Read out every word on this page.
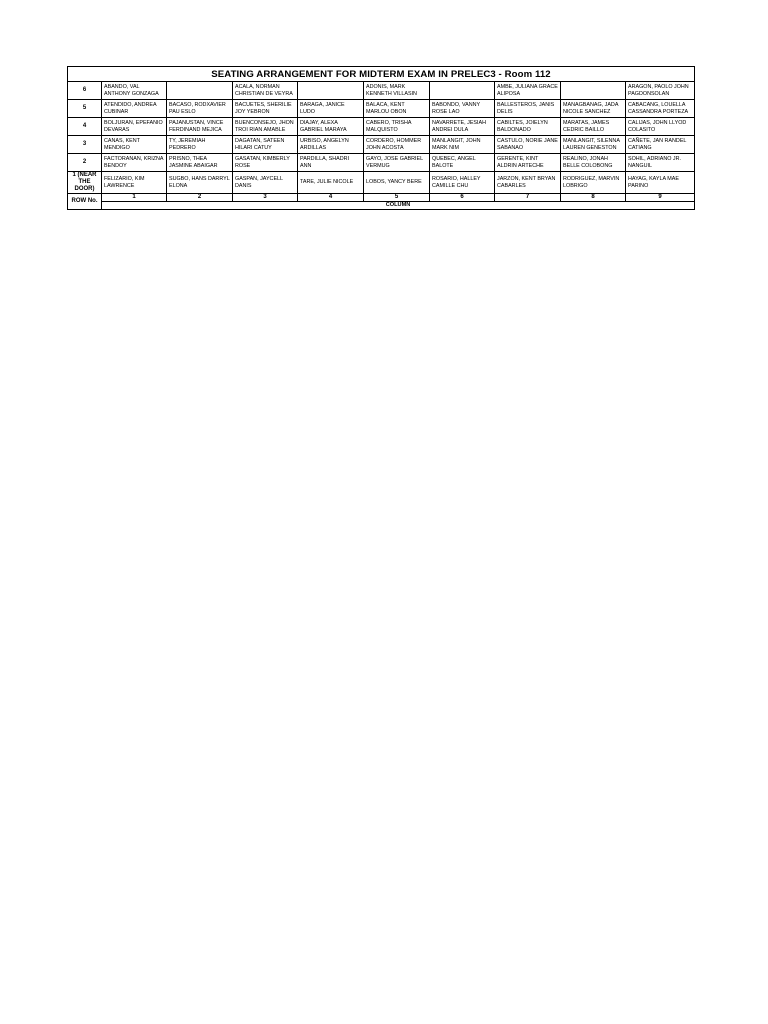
SEATING ARRANGEMENT FOR MIDTERM EXAM IN PRELEC3 - Room 112									
6	ABANDO, VAL ANTHONY GONZAGA		ACALA, NORMAN CHRISTIAN DE VEYRA		ADONIS, MARK KENNETH VILLASIN		AMBE, JULIANA GRACE ALIPOSA		ARAGON, PAOLO JOHN PAGDONSOLAN
5	ATENDIDO, ANDREA CUBINAR	BACASO, RODXAVIER PAU ESLO	BACUETES, SHERILIE JOY YEBRON	BARAGA, JANICE LUDO	BALACA, KENT MARLOU OBON	BABONDO, VANNY ROSE LAO	BALLESTEROS, JANIS DELIS	MANAGBANAG, JADA NICOLE SANCHEZ	CABACANG, LOUELLA CASSANDRA PORTEZA
4	BOLJURAN, EPEFANIO DEVARAS	PAJANUSTAN, VINCE FERDINAND MEJICA	BUENCONSEJO, JHON TROI RIAN AMABLE	DIAJAY, ALEXA GABRIEL MARAYA	CABERO, TRISHA MALQUISTO	NAVARRETE, JESIAH ANDREI DULA	CABILTES, JOIELYN BALDONADO	MARATAS, JAMES CEDRIC BAILLO	CALIJAS, JOHN LLYOD COLASITO
3	CANAS, KENT MENDIGO	TY, JEREMIAH PEDRERO	DAGATAN, SATEEN HILARI CATUY	URBISO, ANGELYN ARDILLAS	CORDERO, HOMMER JOHN ACOSTA	MANLANGIT, JOHN MARK NIM	CASTULO, NORIE JANE SABANAO	MANLANGIT, SILENNA LAUREN GENESTON	CAÑETE, JAN RANDEL CATIANG
2	FACTORANAN, KRIZNA BENDOY	PRISNO, THEA JASMINE ABAIGAR	GASATAN, KIMBERLY ROSE	PARDILLA, SHADRI ANN	GAYO, JOSE GABRIEL VERMUG	QUEBEC, ANGEL BALOTE	GERENTE, KINT ALDRIN ARTECHE	REALINO, JONAH BELLE COLOBONG	SOHIL, ADRIANO JR. NANGUIL
1 (NEAR THE DOOR)	FELIZARIO, KIM LAWRENCE	SUGBO, HANS DARRYL ELONA	GASPAN, JAYCELL DANIS	TARE, JULIE NICOLE	LOBOS, YANCY BERE	ROSARIO, HALLEY CAMILLE CHU	JARZON, KENT BRYAN CABARLES	RODRIGUEZ, MARVIN LOBRIGO	HAYAG, KAYLA MAE PARINO
ROW No.	1	2	3	4	5	6	7	8	9
	COLUMN								
